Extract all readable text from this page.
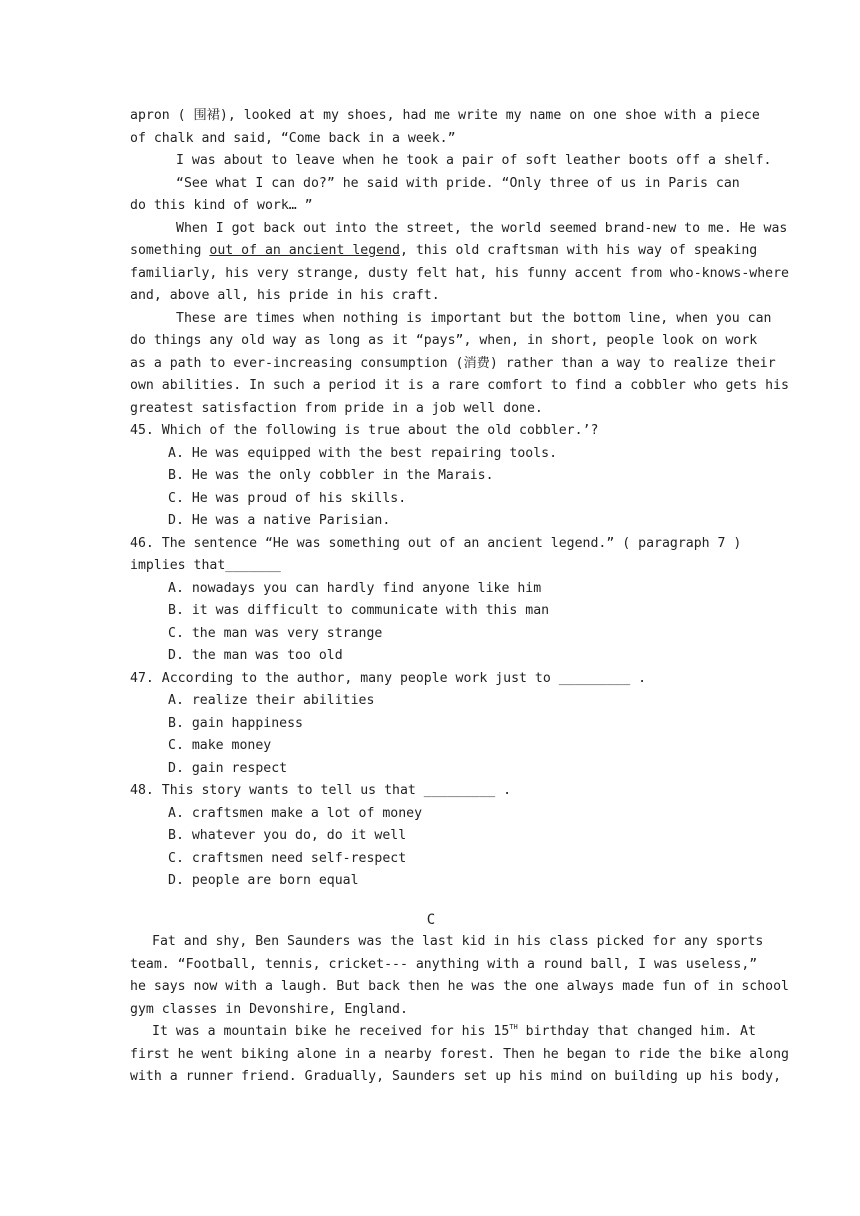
apron ( 围裙), looked at my shoes, had me write my name on one shoe with a piece
of chalk and said, “Come back in a week.”
I was about to leave when he took a pair of soft leather boots off a shelf.
“See what I can do?” he said with pride. “Only three of us in Paris can
do this kind of work… ”
When I got back out into the street, the world seemed brand-new to me. He was
something out of an ancient legend, this old craftsman with his way of speaking
familiarly, his very strange, dusty felt hat, his funny accent from who-knows-where
and, above all, his pride in his craft.
These are times when nothing is important but the bottom line, when you can
do things any old way as long as it “pays”, when, in short, people look on work
as a path to ever-increasing consumption (消费) rather than a way to realize their
own abilities. In such a period it is a rare comfort to find a cobbler who gets his
greatest satisfaction from pride in a job well done.
45. Which of the following is true about the old cobbler.’?
A. He was equipped with the best repairing tools.
B. He was the only cobbler in the Marais.
C. He was proud of his skills.
D. He was a native Parisian.
46. The sentence “He was something out of an ancient legend.” ( paragraph 7 )
implies that_______
A. nowadays you can hardly find anyone like him
B. it was difficult to communicate with this man
C. the man was very strange
D. the man was too old
47. According to the author, many people work just to _________ .
A. realize their abilities
B. gain happiness
C. make money
D. gain respect
48. This story wants to tell us that _________ .
A. craftsmen make a lot of money
B. whatever you do, do it well
C. craftsmen need self-respect
D. people are born equal
C
Fat and shy, Ben Saunders was the last kid in his class picked for any sports
team. “Football, tennis, cricket--- anything with a round ball, I was useless,”
he says now with a laugh. But back then he was the one always made fun of in school
gym classes in Devonshire, England.
It was a mountain bike he received for his 15TH birthday that changed him. At
first he went biking alone in a nearby forest. Then he began to ride the bike along
with a runner friend. Gradually, Saunders set up his mind on building up his body,
